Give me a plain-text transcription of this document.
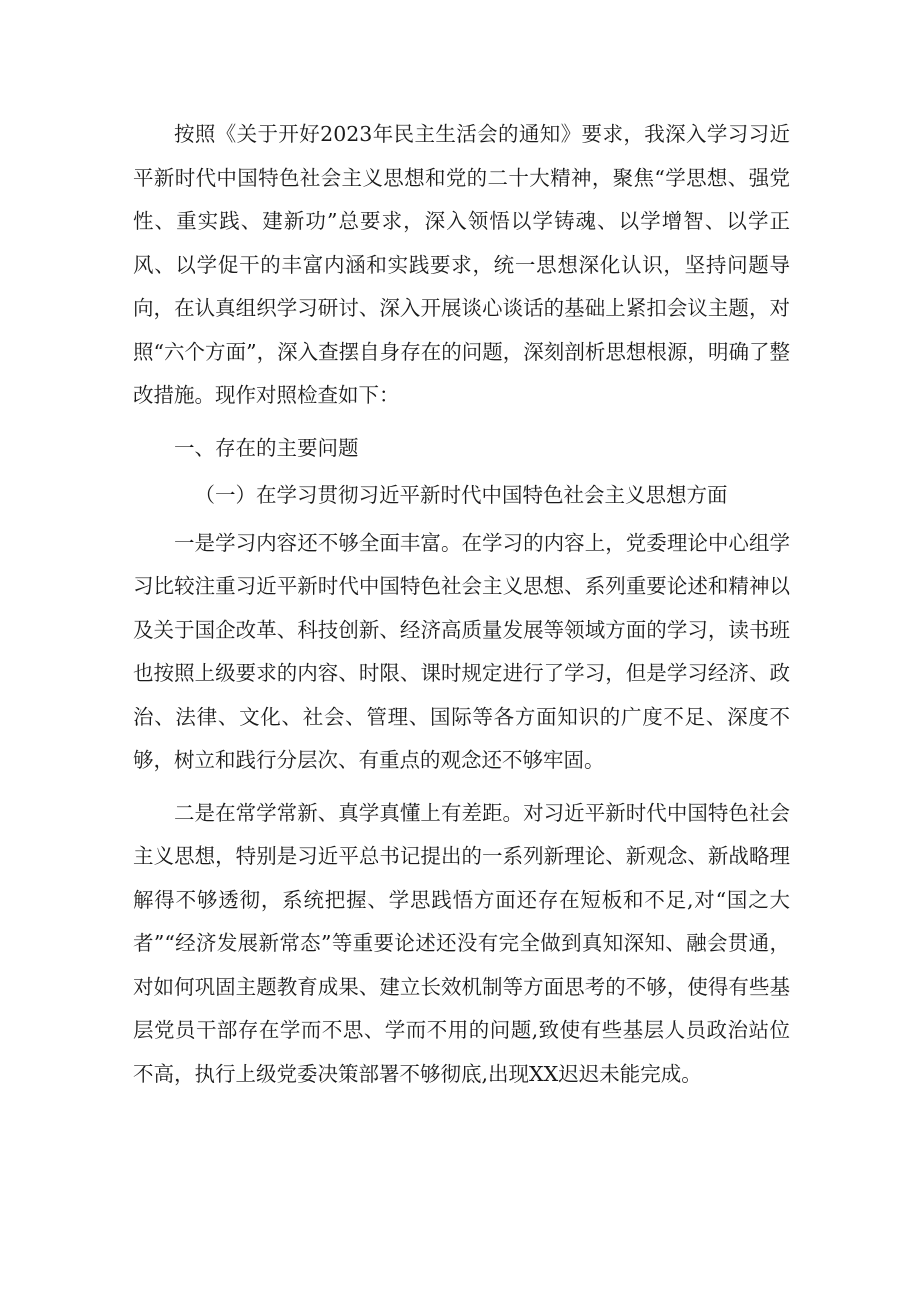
按照《关于开好2023年民主生活会的通知》要求，我深入学习习近平新时代中国特色社会主义思想和党的二十大精神，聚焦“学思想、强党性、重实践、建新功”总要求，深入领悟以学铸魂、以学增智、以学正风、以学促干的丰富内涵和实践要求，统一思想深化认识，坚持问题导向，在认真组织学习研讨、深入开展谈心谈话的基础上紧扣会议主题，对照“六个方面”，深入查摆自身存在的问题，深刻剖析思想根源，明确了整改措施。现作对照检查如下：

一、存在的主要问题

（一）在学习贯彻习近平新时代中国特色社会主义思想方面

一是学习内容还不够全面丰富。在学习的内容上，党委理论中心组学习比较注重习近平新时代中国特色社会主义思想、系列重要论述和精神以及关于国企改革、科技创新、经济高质量发展等领域方面的学习，读书班也按照上级要求的内容、时限、课时规定进行了学习，但是学习经济、政治、法律、文化、社会、管理、国际等各方面知识的广度不足、深度不够，树立和践行分层次、有重点的观念还不够牢固。

二是在常学常新、真学真懂上有差距。对习近平新时代中国特色社会主义思想，特别是习近平总书记提出的一系列新理论、新观念、新战略理解得不够透彻，系统把握、学思践悟方面还存在短板和不足,对“国之大者”“经济发展新常态”等重要论述还没有完全做到真知深知、融会贯通，对如何巩固主题教育成果、建立长效机制等方面思考的不够，使得有些基层党员干部存在学而不思、学而不用的问题,致使有些基层人员政治站位不高，执行上级党委决策部署不够彻底,出现XX迟迟未能完成。
